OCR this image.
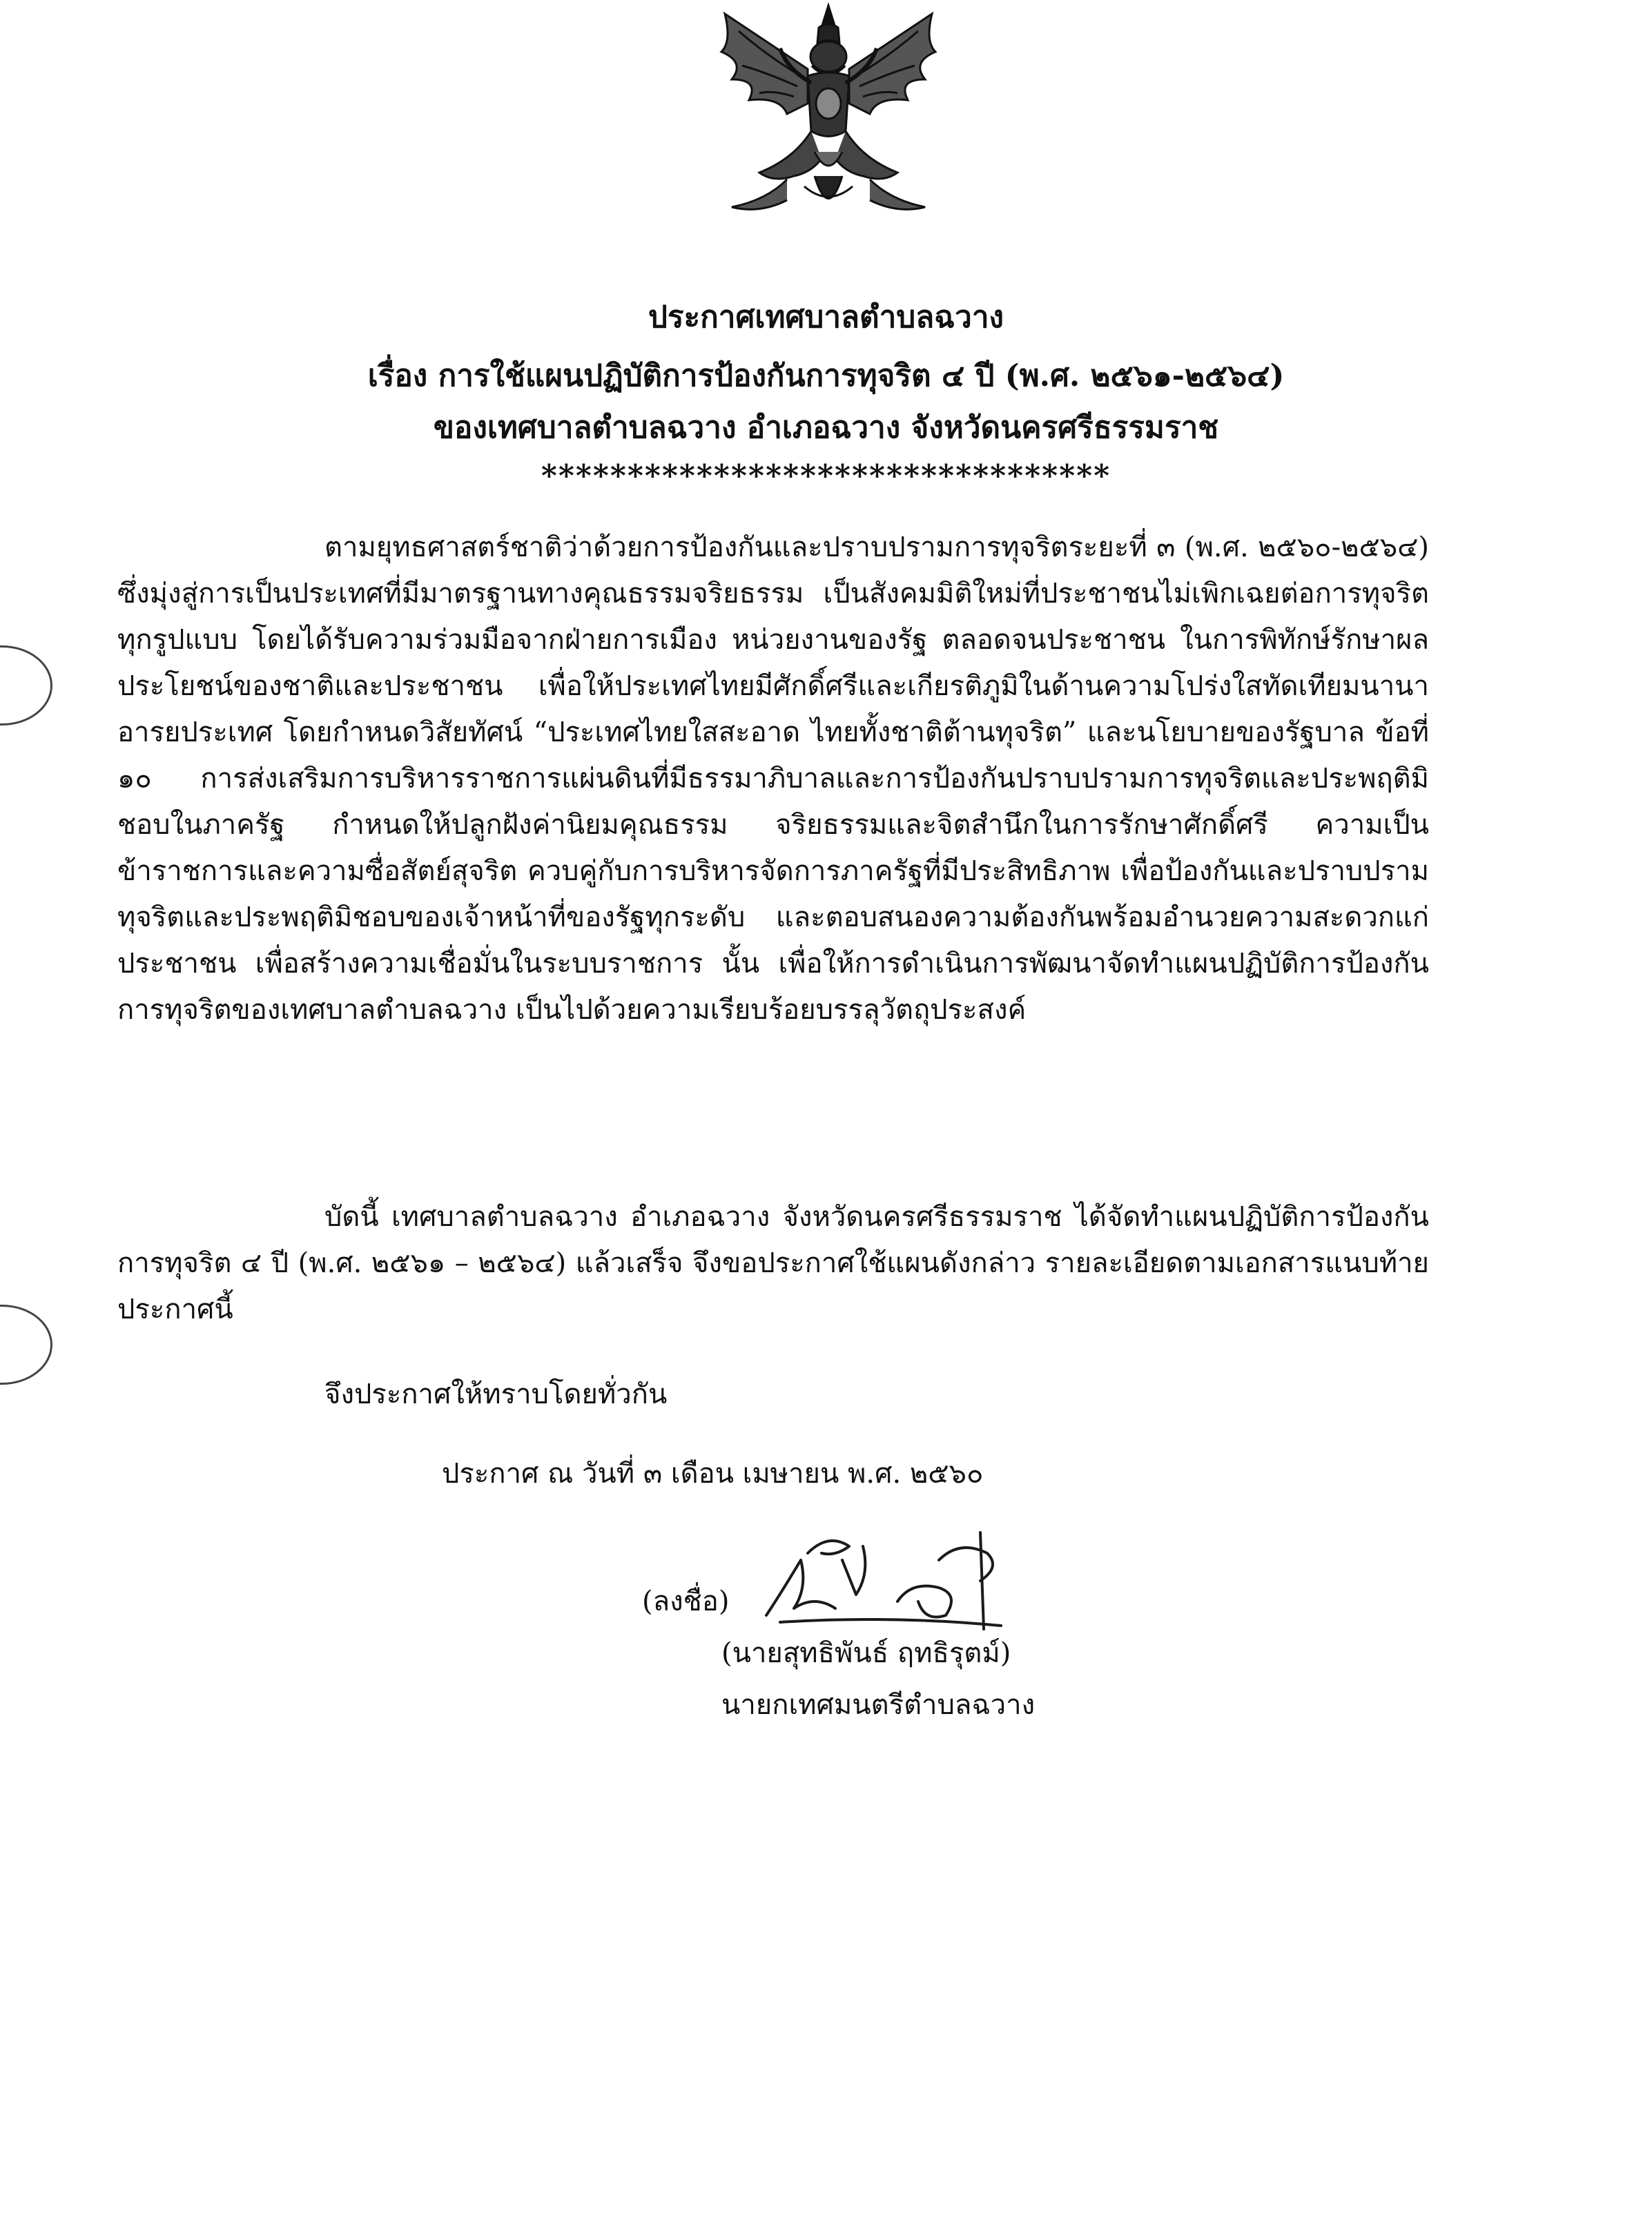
ประกาศเทศบาลตำบลฉวาง
เรื่อง การใช้แผนปฏิบัติการป้องกันการทุจริต ๔ ปี (พ.ศ. ๒๕๖๑-๒๕๖๔)
ของเทศบาลตำบลฉวาง อำเภอฉวาง จังหวัดนครศรีธรรมราช
*********************************

ตามยุทธศาสตร์ชาติว่าด้วยการป้องกันและปราบปรามการทุจริตระยะที่ ๓ (พ.ศ. ๒๕๖๐-๒๕๖๔) ซึ่งมุ่งสู่การเป็นประเทศที่มีมาตรฐานทางคุณธรรมจริยธรรม เป็นสังคมมิติใหม่ที่ประชาชนไม่เพิกเฉยต่อการทุจริตทุกรูปแบบ โดยได้รับความร่วมมือจากฝ่ายการเมือง หน่วยงานของรัฐ ตลอดจนประชาชน ในการพิทักษ์รักษาผลประโยชน์ของชาติและประชาชน เพื่อให้ประเทศไทยมีศักดิ์ศรีและเกียรติภูมิในด้านความโปร่งใสทัดเทียมนานาอารยประเทศ โดยกำหนดวิสัยทัศน์ “ประเทศไทยใสสะอาด ไทยทั้งชาติต้านทุจริต” และนโยบายของรัฐบาล ข้อที่ ๑๐ การส่งเสริมการบริหารราชการแผ่นดินที่มีธรรมาภิบาลและการป้องกันปราบปรามการทุจริตและประพฤติมิชอบในภาครัฐ กำหนดให้ปลูกฝังค่านิยมคุณธรรม จริยธรรมและจิตสำนึกในการรักษาศักดิ์ศรี ความเป็นข้าราชการและความซื่อสัตย์สุจริต ควบคู่กับการบริหารจัดการภาครัฐที่มีประสิทธิภาพ เพื่อป้องกันและปราบปรามทุจริตและประพฤติมิชอบของเจ้าหน้าที่ของรัฐทุกระดับ และตอบสนองความต้องกันพร้อมอำนวยความสะดวกแก่ประชาชน เพื่อสร้างความเชื่อมั่นในระบบราชการ นั้น เพื่อให้การดำเนินการพัฒนาจัดทำแผนปฏิบัติการป้องกันการทุจริตของเทศบาลตำบลฉวาง เป็นไปด้วยความเรียบร้อยบรรลุวัตถุประสงค์

บัดนี้ เทศบาลตำบลฉวาง อำเภอฉวาง จังหวัดนครศรีธรรมราช ได้จัดทำแผนปฏิบัติการป้องกันการทุจริต ๔ ปี (พ.ศ. ๒๕๖๑ – ๒๕๖๔) แล้วเสร็จ จึงขอประกาศใช้แผนดังกล่าว รายละเอียดตามเอกสารแนบท้ายประกาศนี้

จึงประกาศให้ทราบโดยทั่วกัน
ประกาศ ณ วันที่ ๓ เดือน เมษายน พ.ศ. ๒๕๖๐
(ลงชื่อ)
(นายสุทธิพันธ์ ฤทธิรุตม์)
นายกเทศมนตรีตำบลฉวาง
